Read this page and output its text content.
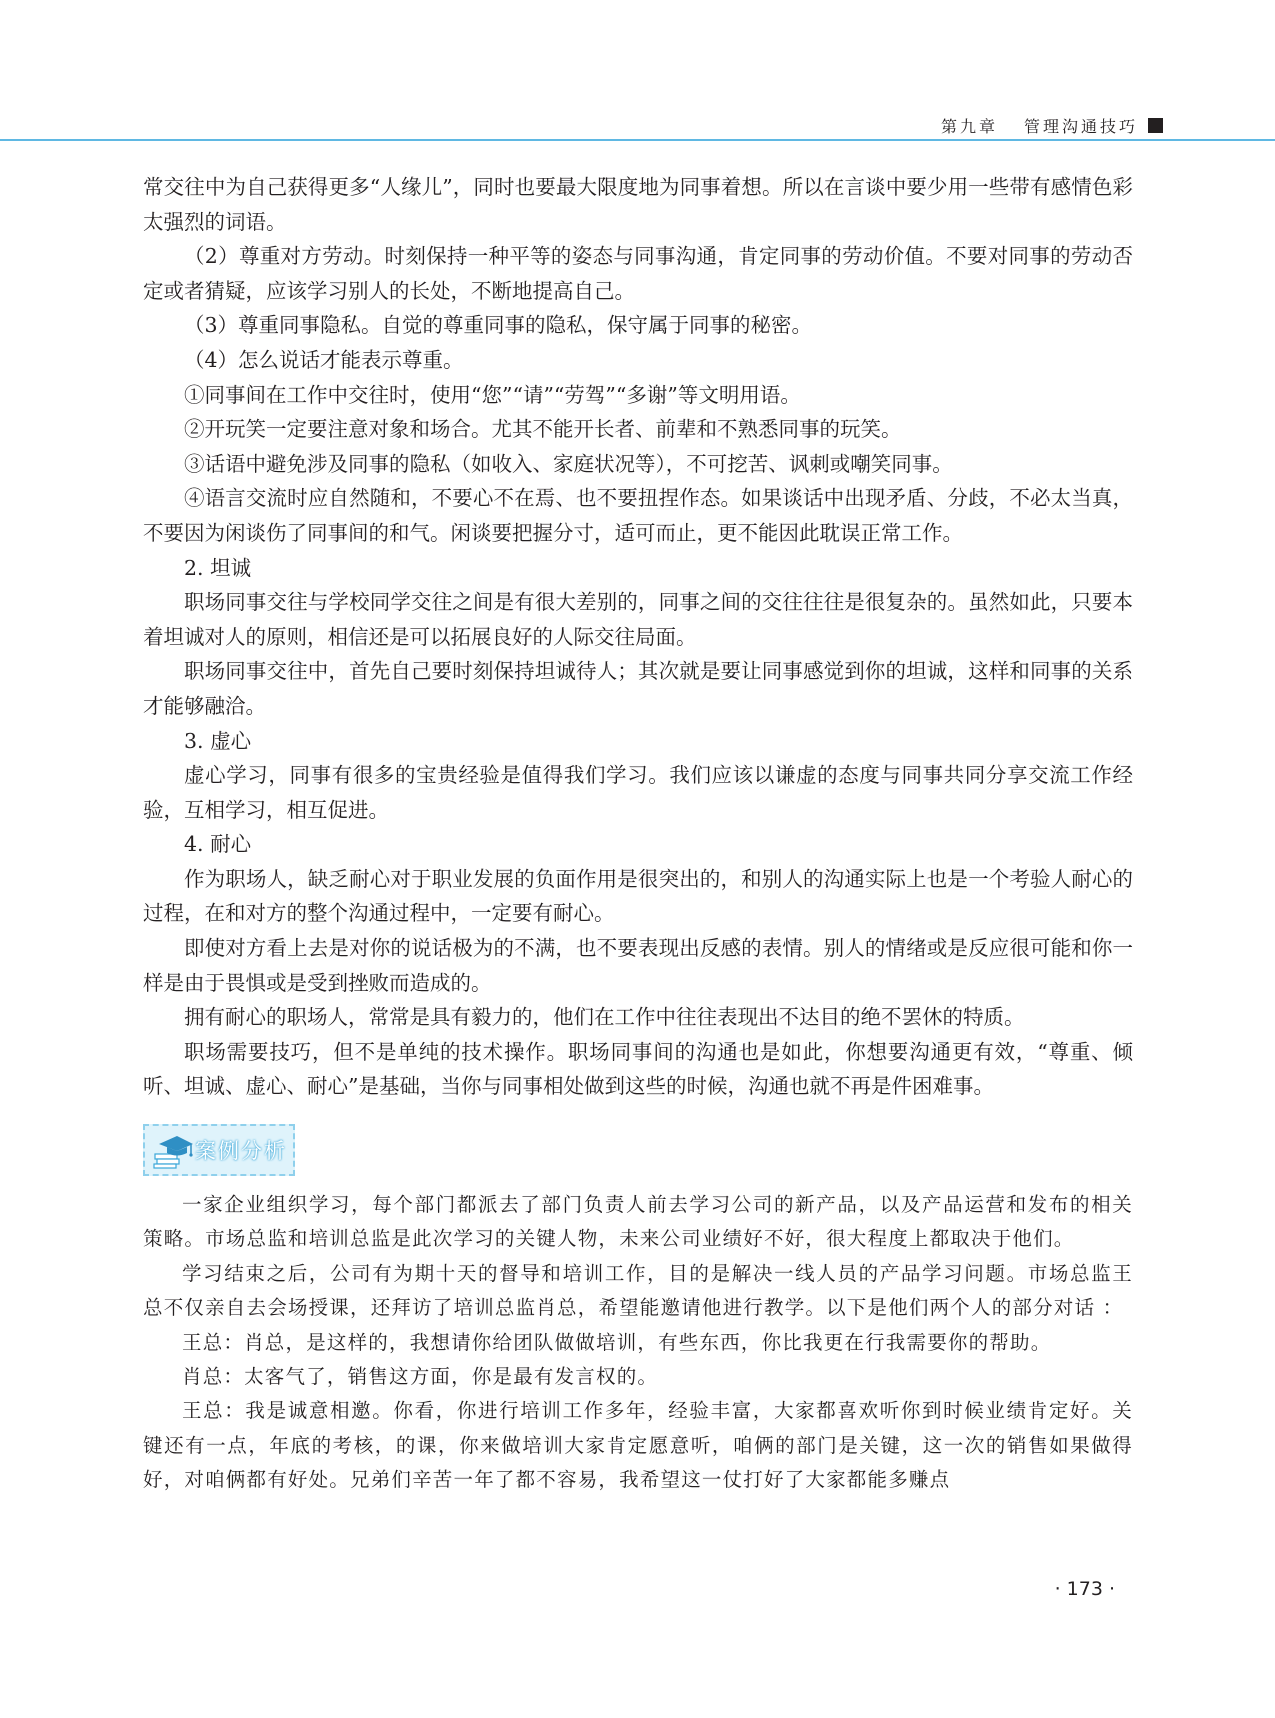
第九章 管理沟通技巧

常交往中为自己获得更多“人缘儿”，同时也要最大限度地为同事着想。所以在言谈中要少用一些带有感情色彩太强烈的词语。

（2）尊重对方劳动。时刻保持一种平等的姿态与同事沟通，肯定同事的劳动价值。不要对同事的劳动否定或者猜疑，应该学习别人的长处，不断地提高自己。

（3）尊重同事隐私。自觉的尊重同事的隐私，保守属于同事的秘密。

（4）怎么说话才能表示尊重。

①同事间在工作中交往时，使用“您”“请”“劳驾”“多谢”等文明用语。

②开玩笑一定要注意对象和场合。尤其不能开长者、前辈和不熟悉同事的玩笑。

③话语中避免涉及同事的隐私（如收入、家庭状况等），不可挖苦、讽刺或嘲笑同事。

④语言交流时应自然随和，不要心不在焉、也不要扭捏作态。如果谈话中出现矛盾、分歧，不必太当真，不要因为闲谈伤了同事间的和气。闲谈要把握分寸，适可而止，更不能因此耽误正常工作。

2. 坦诚

职场同事交往与学校同学交往之间是有很大差别的，同事之间的交往往往是很复杂的。虽然如此，只要本着坦诚对人的原则，相信还是可以拓展良好的人际交往局面。

职场同事交往中，首先自己要时刻保持坦诚待人；其次就是要让同事感觉到你的坦诚，这样和同事的关系才能够融洽。

3. 虚心

虚心学习，同事有很多的宝贵经验是值得我们学习。我们应该以谦虚的态度与同事共同分享交流工作经验，互相学习，相互促进。

4. 耐心

作为职场人，缺乏耐心对于职业发展的负面作用是很突出的，和别人的沟通实际上也是一个考验人耐心的过程，在和对方的整个沟通过程中，一定要有耐心。

即使对方看上去是对你的说话极为的不满，也不要表现出反感的表情。别人的情绪或是反应很可能和你一样是由于畏惧或是受到挫败而造成的。

拥有耐心的职场人，常常是具有毅力的，他们在工作中往往表现出不达目的绝不罢休的特质。

职场需要技巧，但不是单纯的技术操作。职场同事间的沟通也是如此，你想要沟通更有效，“尊重、倾听、坦诚、虚心、耐心”是基础，当你与同事相处做到这些的时候，沟通也就不再是件困难事。

案例分析

一家企业组织学习，每个部门都派去了部门负责人前去学习公司的新产品，以及产品运营和发布的相关策略。市场总监和培训总监是此次学习的关键人物，未来公司业绩好不好，很大程度上都取决于他们。

学习结束之后，公司有为期十天的督导和培训工作，目的是解决一线人员的产品学习问题。市场总监王总不仅亲自去会场授课，还拜访了培训总监肖总，希望能邀请他进行教学。以下是他们两个人的部分对话 ：

王总：肖总，是这样的，我想请你给团队做做培训，有些东西，你比我更在行我需要你的帮助。

肖总：太客气了，销售这方面，你是最有发言权的。

王总：我是诚意相邀。你看，你进行培训工作多年，经验丰富，大家都喜欢听你到时候业绩肯定好。关键还有一点，年底的考核，的课，你来做培训大家肯定愿意听，咱俩的部门是关键，这一次的销售如果做得好，对咱俩都有好处。兄弟们辛苦一年了都不容易，我希望这一仗打好了大家都能多赚点

· 173 ·
